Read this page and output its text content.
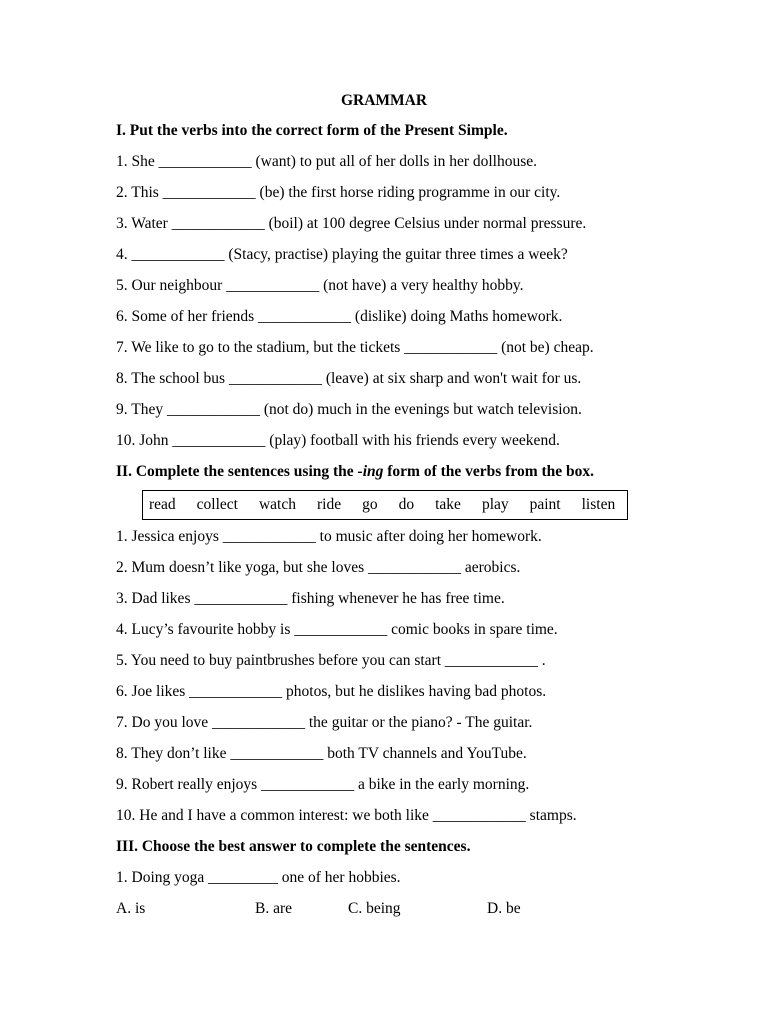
GRAMMAR
I. Put the verbs into the correct form of the Present Simple.
1. She ____________ (want) to put all of her dolls in her dollhouse.
2. This ____________ (be) the first horse riding programme in our city.
3. Water ____________ (boil) at 100 degree Celsius under normal pressure.
4. ____________ (Stacy, practise) playing the guitar three times a week?
5. Our neighbour ____________ (not have) a very healthy hobby.
6. Some of her friends ____________ (dislike) doing Maths homework.
7. We like to go to the stadium, but the tickets ____________ (not be) cheap.
8. The school bus ____________ (leave) at six sharp and won't wait for us.
9. They ____________ (not do) much in the evenings but watch television.
10. John ____________ (play) football with his friends every weekend.
II. Complete the sentences using the -ing form of the verbs from the box.
read collect watch ride go do take play paint listen
1. Jessica enjoys ____________ to music after doing her homework.
2. Mum doesn’t like yoga, but she loves ____________ aerobics.
3. Dad likes ____________ fishing whenever he has free time.
4. Lucy’s favourite hobby is ____________ comic books in spare time.
5. You need to buy paintbrushes before you can start ____________ .
6. Joe likes ____________ photos, but he dislikes having bad photos.
7. Do you love ____________ the guitar or the piano? - The guitar.
8. They don’t like ____________ both TV channels and YouTube.
9. Robert really enjoys ____________ a bike in the early morning.
10. He and I have a common interest: we both like ____________ stamps.
III. Choose the best answer to complete the sentences.
1. Doing yoga _________ one of her hobbies.
A. is	B. are	C. being	D. be
